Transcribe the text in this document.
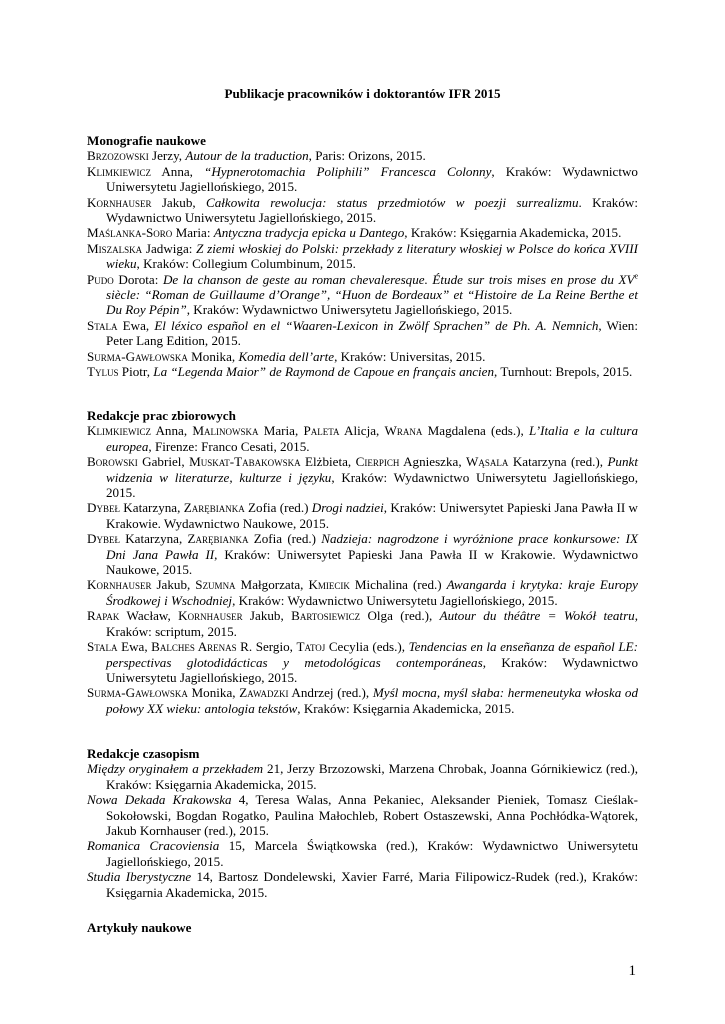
Publikacje pracowników i doktorantów IFR 2015
Monografie naukowe

Brzozowski Jerzy, Autour de la traduction, Paris: Orizons, 2015.

Klimkiewicz Anna, “Hypnerotomachia Poliphili” Francesca Colonny, Kraków: Wydawnictwo Uniwersytetu Jagiellońskiego, 2015.

Kornhauser Jakub, Całkowita rewolucja: status przedmiotów w poezji surrealizmu. Kraków: Wydawnictwo Uniwersytetu Jagiellońskiego, 2015.

Maślanka-Soro Maria: Antyczna tradycja epicka u Dantego, Kraków: Księgarnia Akademicka, 2015.

Miszalska Jadwiga: Z ziemi włoskiej do Polski: przekłady z literatury włoskiej w Polsce do końca XVIII wieku, Kraków: Collegium Columbinum, 2015.

Pudo Dorota: De la chanson de geste au roman chevaleresque. Étude sur trois mises en prose du XVe siècle: “Roman de Guillaume d’Orange”, “Huon de Bordeaux” et “Histoire de La Reine Berthe et Du Roy Pépin”, Kraków: Wydawnictwo Uniwersytetu Jagiellońskiego, 2015.

Stala Ewa, El léxico español en el “Waaren-Lexicon in Zwölf Sprachen” de Ph. A. Nemnich, Wien: Peter Lang Edition, 2015.

Surma-Gawłowska Monika, Komedia dell’arte, Kraków: Universitas, 2015.

Tylus Piotr, La “Legenda Maior” de Raymond de Capoue en français ancien, Turnhout: Brepols, 2015.

Redakcje prac zbiorowych

Klimkiewicz Anna, Malinowska Maria, Paleta Alicja, Wrana Magdalena (eds.), L’Italia e la cultura europea, Firenze: Franco Cesati, 2015.

Borowski Gabriel, Muskat-Tabakowska Elżbieta, Cierpich Agnieszka, Wąsala Katarzyna (red.), Punkt widzenia w literaturze, kulturze i języku, Kraków: Wydawnictwo Uniwersytetu Jagiellońskiego, 2015.

Dybeł Katarzyna, Zarębianka Zofia (red.) Drogi nadziei, Kraków: Uniwersytet Papieski Jana Pawła II w Krakowie. Wydawnictwo Naukowe, 2015.

Dybeł Katarzyna, Zarębianka Zofia (red.) Nadzieja: nagrodzone i wyróżnione prace konkursowe: IX Dni Jana Pawła II, Kraków: Uniwersytet Papieski Jana Pawła II w Krakowie. Wydawnictwo Naukowe, 2015.

Kornhauser Jakub, Szumna Małgorzata, Kmiecik Michalina (red.) Awangarda i krytyka: kraje Europy Środkowej i Wschodniej, Kraków: Wydawnictwo Uniwersytetu Jagiellońskiego, 2015.

Rapak Wacław, Kornhauser Jakub, Bartosiewicz Olga (red.), Autour du théâtre = Wokół teatru, Kraków: scriptum, 2015.

Stala Ewa, Balches Arenas R. Sergio, Tatoj Cecylia (eds.), Tendencias en la enseñanza de español LE: perspectivas glotodidácticas y metodológicas contemporáneas, Kraków: Wydawnictwo Uniwersytetu Jagiellońskiego, 2015.

Surma-Gawłowska Monika, Zawadzki Andrzej (red.), Myśl mocna, myśl słaba: hermeneutyka włoska od połowy XX wieku: antologia tekstów, Kraków: Księgarnia Akademicka, 2015.

Redakcje czasopism

Między oryginałem a przekładem 21, Jerzy Brzozowski, Marzena Chrobak, Joanna Górnikiewicz (red.), Kraków: Księgarnia Akademicka, 2015.

Nowa Dekada Krakowska 4, Teresa Walas, Anna Pekaniec, Aleksander Pieniek, Tomasz Cieślak-Sokołowski, Bogdan Rogatko, Paulina Małochleb, Robert Ostaszewski, Anna Pochłódka-Wątorek, Jakub Kornhauser (red.), 2015.

Romanica Cracoviensia 15, Marcela Świątkowska (red.), Kraków: Wydawnictwo Uniwersytetu Jagiellońskiego, 2015.

Studia Iberystyczne 14, Bartosz Dondelewski, Xavier Farré, Maria Filipowicz-Rudek (red.), Kraków: Księgarnia Akademicka, 2015.

Artykuły naukowe
1
